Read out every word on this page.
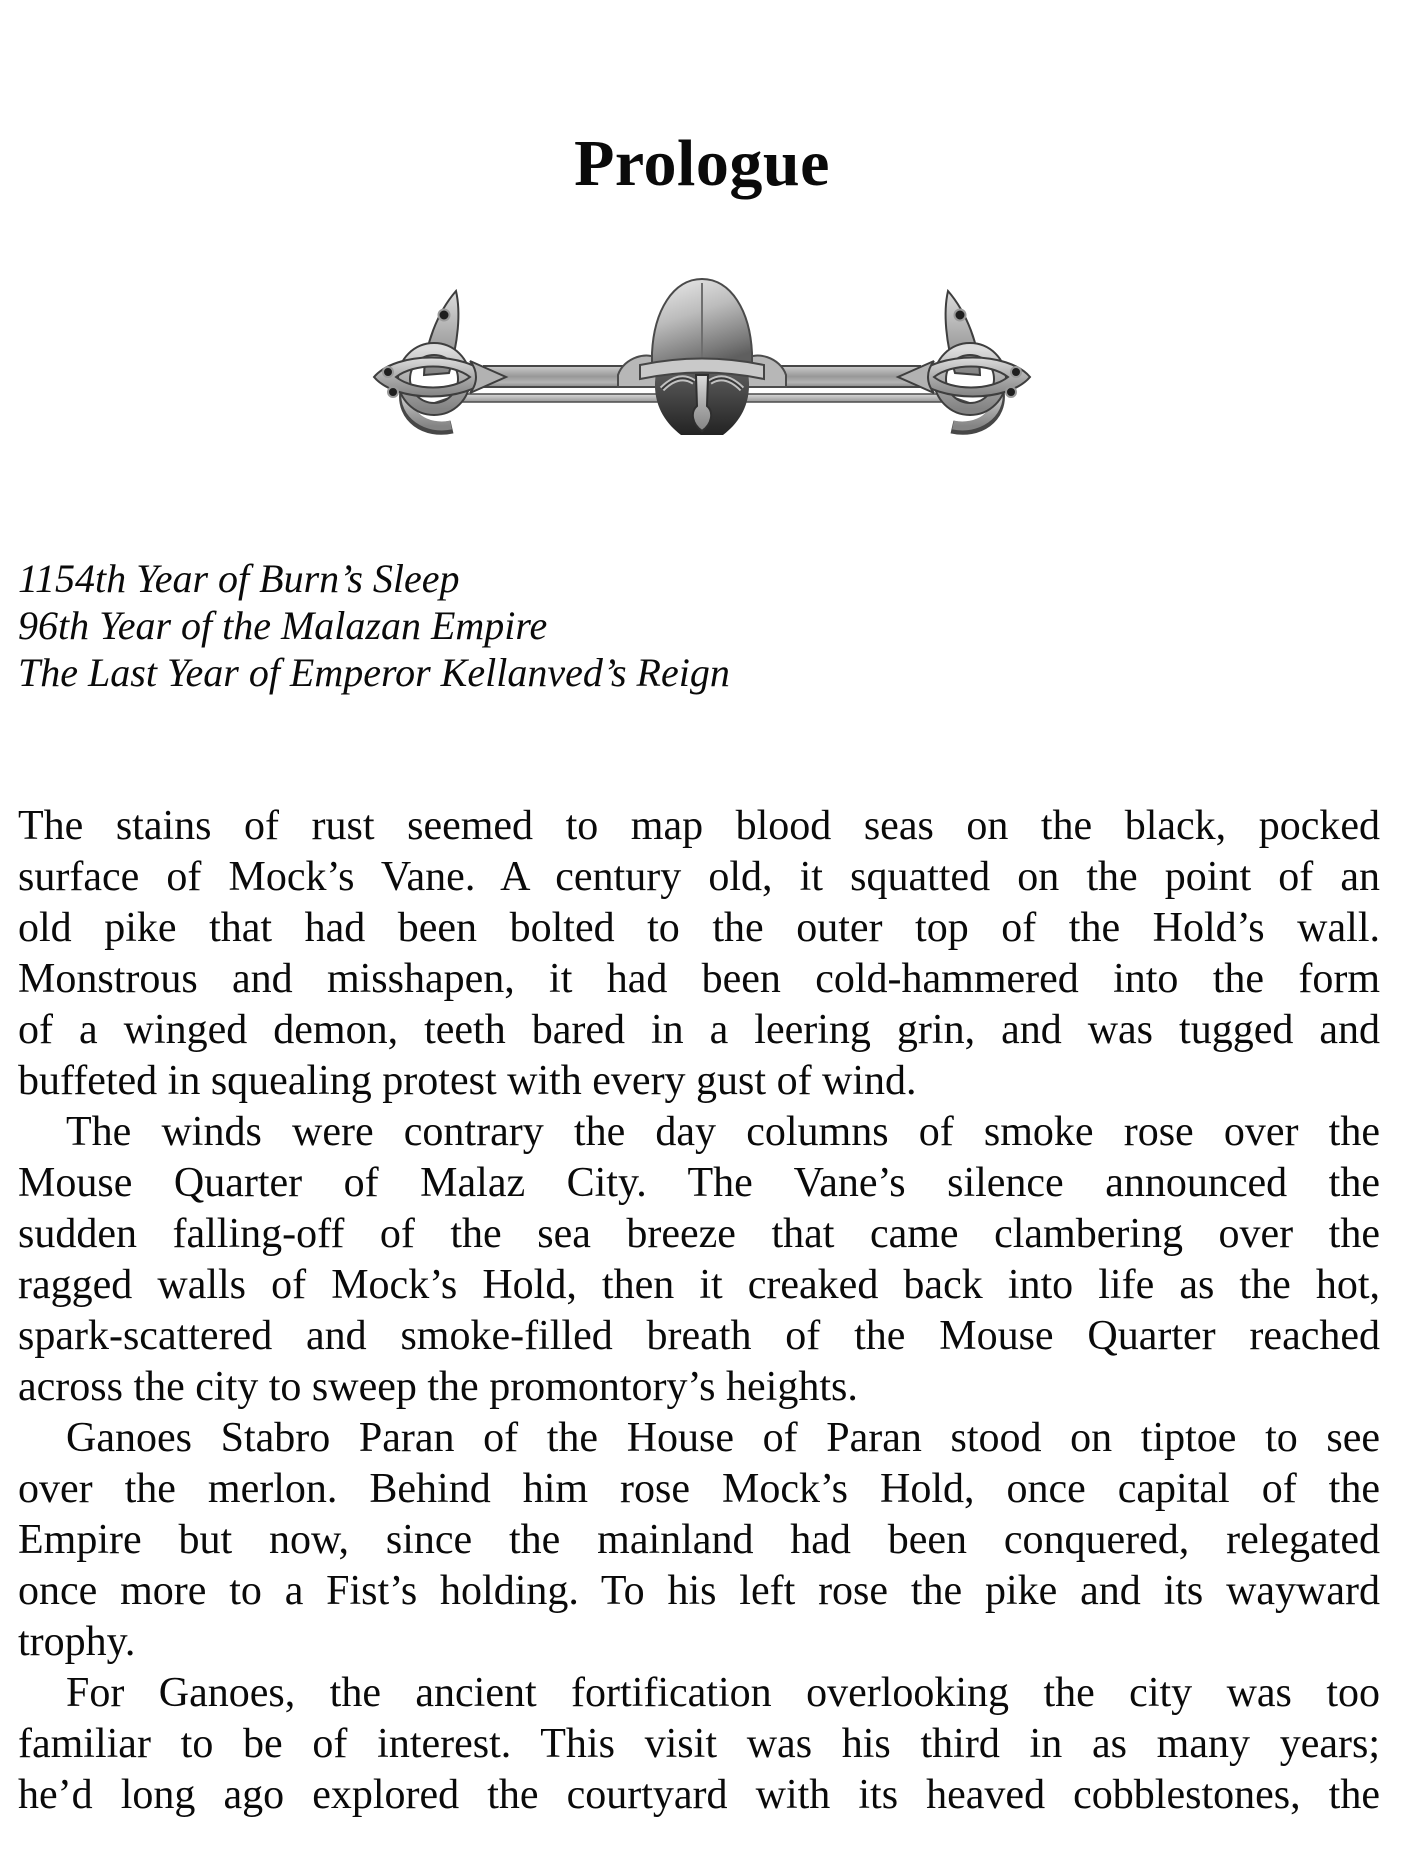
Prologue
1154th Year of Burn’s Sleep
96th Year of the Malazan Empire
The Last Year of Emperor Kellanved’s Reign
The stains of rust seemed to map blood seas on the black, pocked
surface of Mock’s Vane. A century old, it squatted on the point of an
old pike that had been bolted to the outer top of the Hold’s wall.
Monstrous and misshapen, it had been cold-hammered into the form
of a winged demon, teeth bared in a leering grin, and was tugged and
buffeted in squealing protest with every gust of wind.
The winds were contrary the day columns of smoke rose over the
Mouse Quarter of Malaz City. The Vane’s silence announced the
sudden falling-off of the sea breeze that came clambering over the
ragged walls of Mock’s Hold, then it creaked back into life as the hot,
spark-scattered and smoke-filled breath of the Mouse Quarter reached
across the city to sweep the promontory’s heights.
Ganoes Stabro Paran of the House of Paran stood on tiptoe to see
over the merlon. Behind him rose Mock’s Hold, once capital of the
Empire but now, since the mainland had been conquered, relegated
once more to a Fist’s holding. To his left rose the pike and its wayward
trophy.
For Ganoes, the ancient fortification overlooking the city was too
familiar to be of interest. This visit was his third in as many years;
he’d long ago explored the courtyard with its heaved cobblestones, the
